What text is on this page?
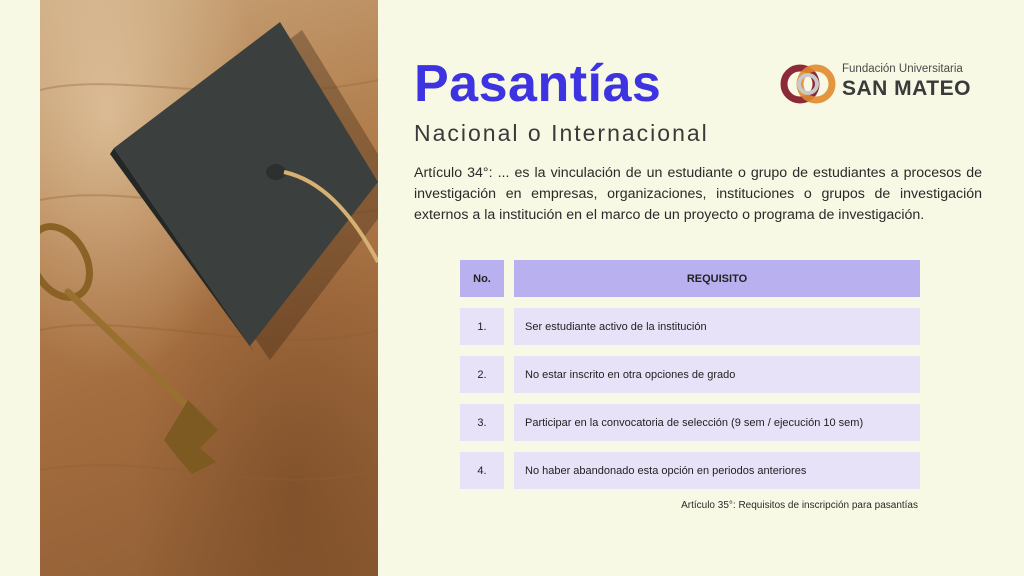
Pasantías
Nacional o Internacional
Fundación Universitaria
SAN MATEO

Artículo 34°: ... es la vinculación de un estudiante o grupo de estudiantes a procesos de investigación en empresas, organizaciones, instituciones o grupos de investigación externos a la institución en el marco de un proyecto o programa de investigación.

No.	REQUISITO
1.	Ser estudiante activo de la institución
2.	No estar inscrito en otra opciones de grado
3.	Participar en la convocatoria de selección (9 sem / ejecución 10 sem)
4.	No haber abandonado esta opción en periodos anteriores
Artículo 35°: Requisitos de inscripción para pasantías
